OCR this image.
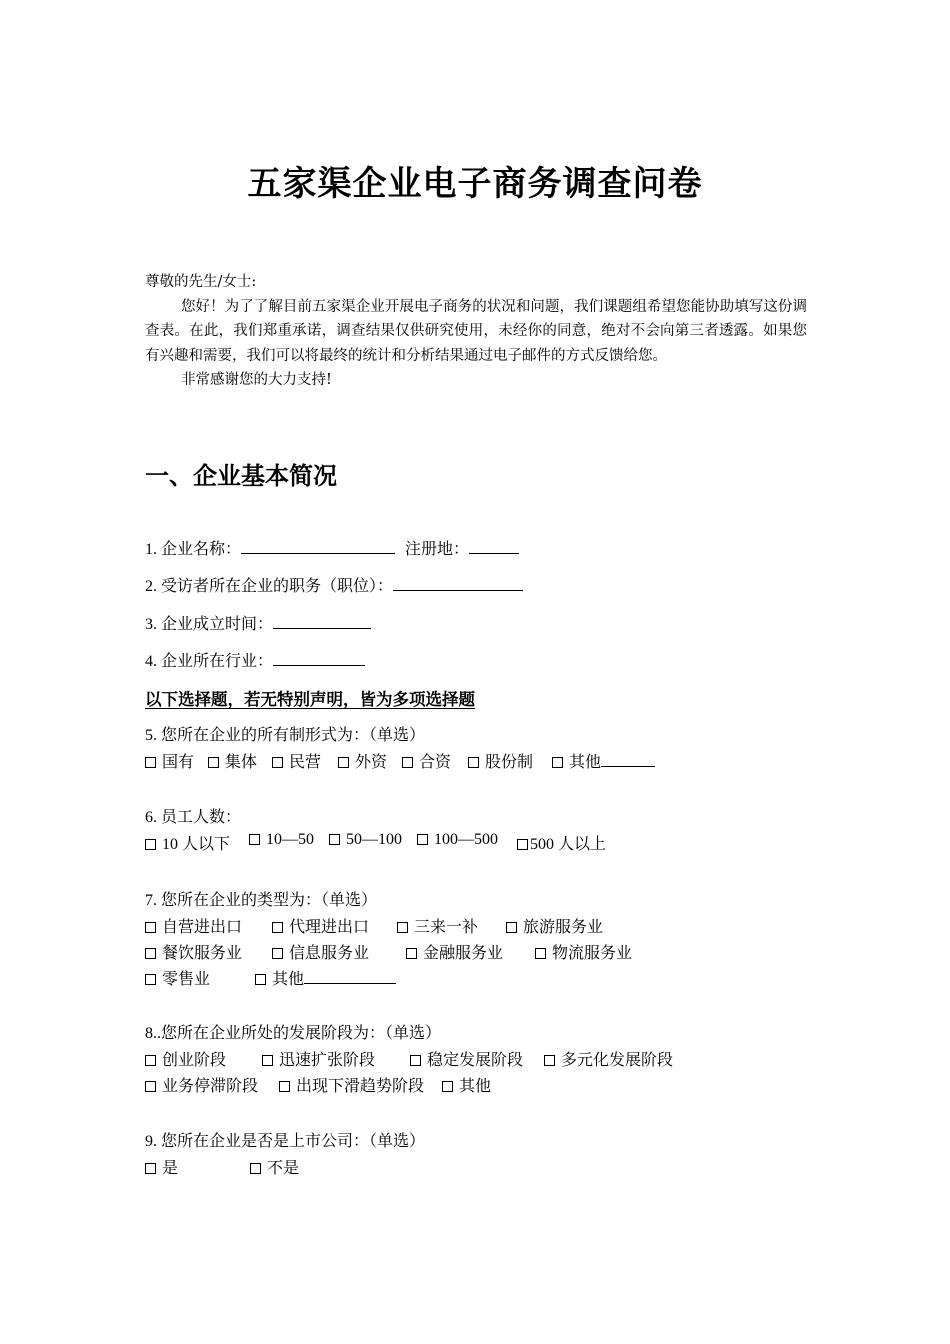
五家渠企业电子商务调查问卷

尊敬的先生/女士:

您好！为了了解目前五家渠企业开展电子商务的状况和问题，我们课题组希望您能协助填写这份调查表。在此，我们郑重承诺，调查结果仅供研究使用，未经你的同意，绝对不会向第三者透露。如果您有兴趣和需要，我们可以将最终的统计和分析结果通过电子邮件的方式反馈给您。

非常感谢您的大力支持!

一、企业基本简况
1. 企业名称：	注册地：
2. 受访者所在企业的职务（职位）：
3. 企业成立时间：
4. 企业所在行业：
以下选择题，若无特别声明，皆为多项选择题
5. 您所在企业的所有制形式为：（单选）
国有	集体	民营	外资	合资	股份制	其他
6. 员工人数：
10 人以下	10—50	50—100	100—500	500 人以上
7. 您所在企业的类型为：（单选）
自营进出口	代理进出口	三来一补	旅游服务业
餐饮服务业	信息服务业	金融服务业	物流服务业
零售业	其他
8..您所在企业所处的发展阶段为：（单选）
创业阶段	迅速扩张阶段	稳定发展阶段	多元化发展阶段
业务停滞阶段	出现下滑趋势阶段	其他
9. 您所在企业是否是上市公司：（单选）
是	不是
